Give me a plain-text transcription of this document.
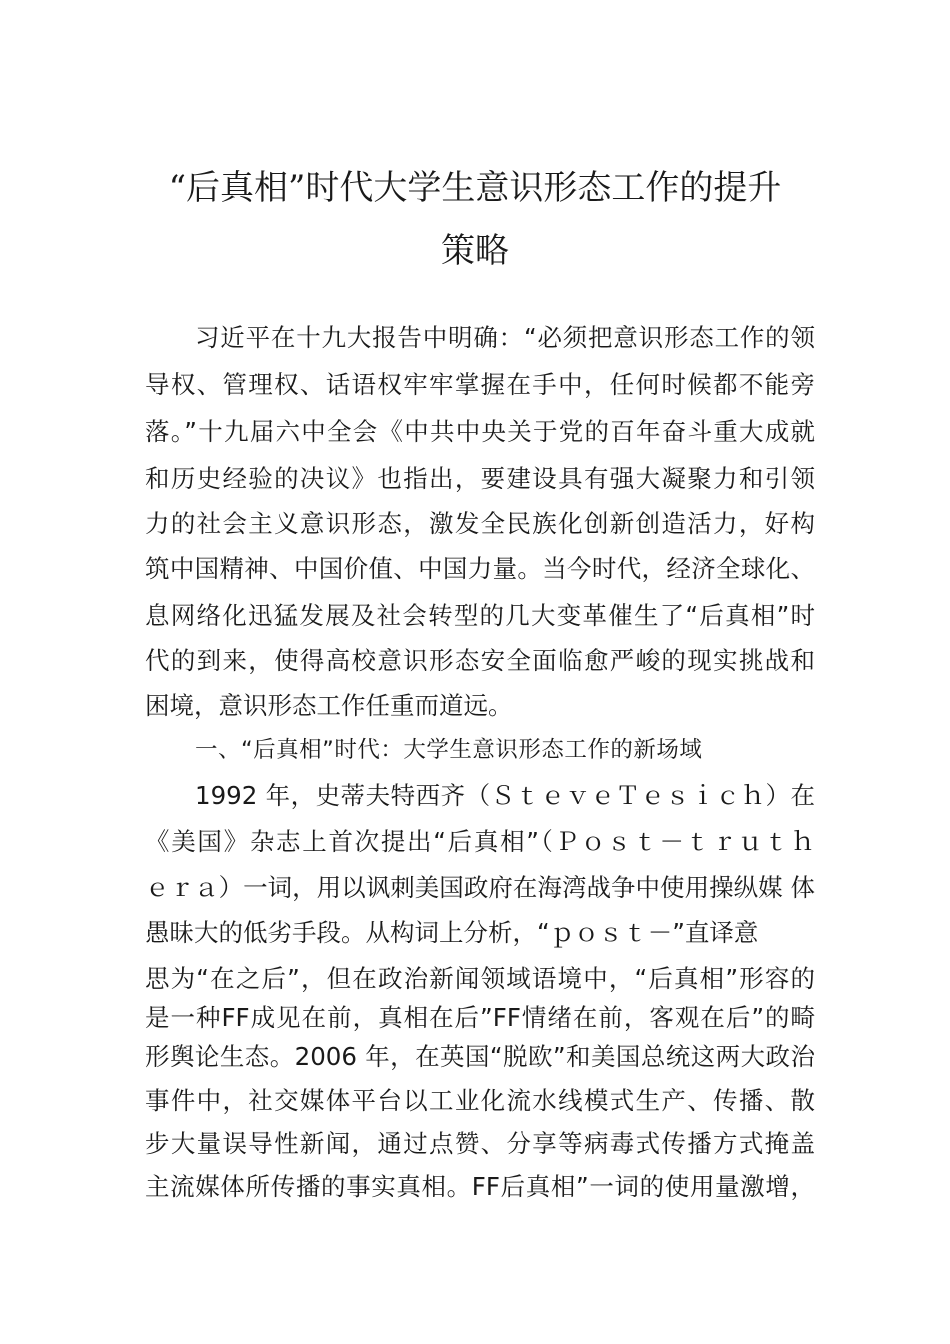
“后真相”时代大学生意识形态工作的提升
策略

习近平在十九大报告中明确：“必须把意识形态工作的领

导权、管理权、话语权牢牢掌握在手中，任何时候都不能旁

落。”十九届六中全会《中共中央关于党的百年奋斗重大成就

和历史经验的决议》也指出，要建设具有强大凝聚力和引领

力的社会主义意识形态，激发全民族化创新创造活力，好构

筑中国精神、中国价值、中国力量。当今时代，经济全球化、

息网络化迅猛发展及社会转型的几大变革催生了“后真相”时

代的到来，使得高校意识形态安全面临愈严峻的现实挑战和

困境，意识形态工作任重而道远。

一、“后真相”时代：大学生意识形态工作的新场域

1992 年，史蒂夫特西齐（ＳｔｅｖｅＴｅｓｉｃｈ）在

《美国》杂志上首次提出“后真相”（Ｐｏｓｔ－ｔｒｕｔｈ

ｅｒａ）一词，用以讽刺美国政府在海湾战争中使用操纵媒 体

愚昧大的低劣手段。从构词上分析，“ｐｏｓｔ－”直译意

思为“在之后”，但在政治新闻领域语境中，“后真相”形容的

是一种FF成见在前，真相在后”FF情绪在前，客观在后”的畸

形舆论生态。2006 年，在英国“脱欧”和美国总统这两大政治

事件中，社交媒体平台以工业化流水线模式生产、传播、散

步大量误导性新闻，通过点赞、分享等病毒式传播方式掩盖

主流媒体所传播的事实真相。FF后真相”一词的使用量激增，
